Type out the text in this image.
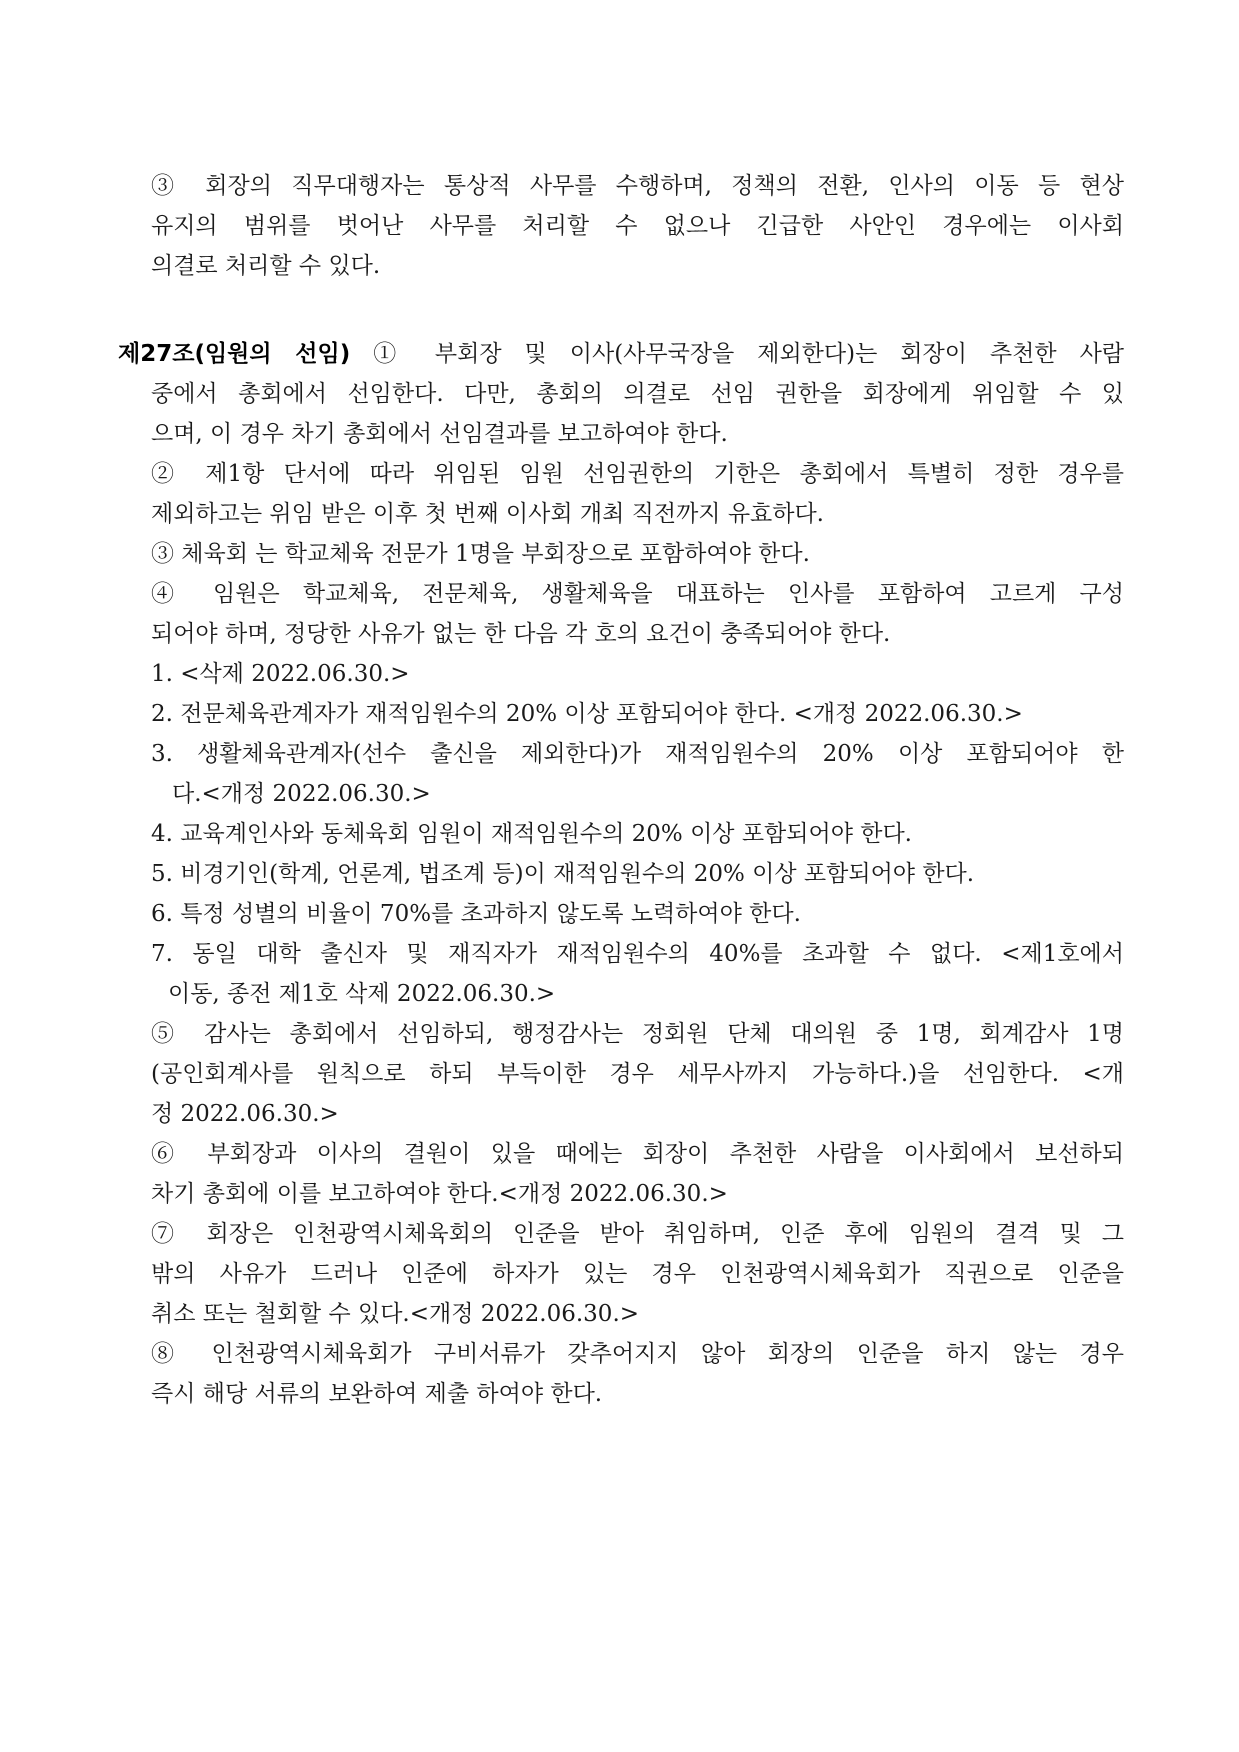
③ 회장의 직무대행자는 통상적 사무를 수행하며, 정책의 전환, 인사의 이동 등 현상
유지의 범위를 벗어난 사무를 처리할 수 없으나 긴급한 사안인 경우에는 이사회
의결로 처리할 수 있다.
제27조(임원의 선임) ① 부회장 및 이사(사무국장을 제외한다)는 회장이 추천한 사람
중에서 총회에서 선임한다. 다만, 총회의 의결로 선임 권한을 회장에게 위임할 수 있
으며, 이 경우 차기 총회에서 선임결과를 보고하여야 한다.
② 제1항 단서에 따라 위임된 임원 선임권한의 기한은 총회에서 특별히 정한 경우를
제외하고는 위임 받은 이후 첫 번째 이사회 개최 직전까지 유효하다.
③ 체육회 는 학교체육 전문가 1명을 부회장으로 포함하여야 한다.
④ 임원은 학교체육, 전문체육, 생활체육을 대표하는 인사를 포함하여 고르게 구성
되어야 하며, 정당한 사유가 없는 한 다음 각 호의 요건이 충족되어야 한다.
1. <삭제 2022.06.30.>
2. 전문체육관계자가 재적임원수의 20% 이상 포함되어야 한다. <개정 2022.06.30.>
3. 생활체육관계자(선수 출신을 제외한다)가 재적임원수의 20% 이상 포함되어야 한
다.<개정 2022.06.30.>
4. 교육계인사와 동체육회 임원이 재적임원수의 20% 이상 포함되어야 한다.
5. 비경기인(학계, 언론계, 법조계 등)이 재적임원수의 20% 이상 포함되어야 한다.
6. 특정 성별의 비율이 70%를 초과하지 않도록 노력하여야 한다.
7. 동일 대학 출신자 및 재직자가 재적임원수의 40%를 초과할 수 없다. <제1호에서
이동, 종전 제1호 삭제 2022.06.30.>
⑤ 감사는 총회에서 선임하되, 행정감사는 정회원 단체 대의원 중 1명, 회계감사 1명
(공인회계사를 원칙으로 하되 부득이한 경우 세무사까지 가능하다.)을 선임한다. <개
정 2022.06.30.>
⑥ 부회장과 이사의 결원이 있을 때에는 회장이 추천한 사람을 이사회에서 보선하되
차기 총회에 이를 보고하여야 한다.<개정 2022.06.30.>
⑦ 회장은 인천광역시체육회의 인준을 받아 취임하며, 인준 후에 임원의 결격 및 그
밖의 사유가 드러나 인준에 하자가 있는 경우 인천광역시체육회가 직권으로 인준을
취소 또는 철회할 수 있다.<개정 2022.06.30.>
⑧ 인천광역시체육회가 구비서류가 갖추어지지 않아 회장의 인준을 하지 않는 경우
즉시 해당 서류의 보완하여 제출 하여야 한다.
